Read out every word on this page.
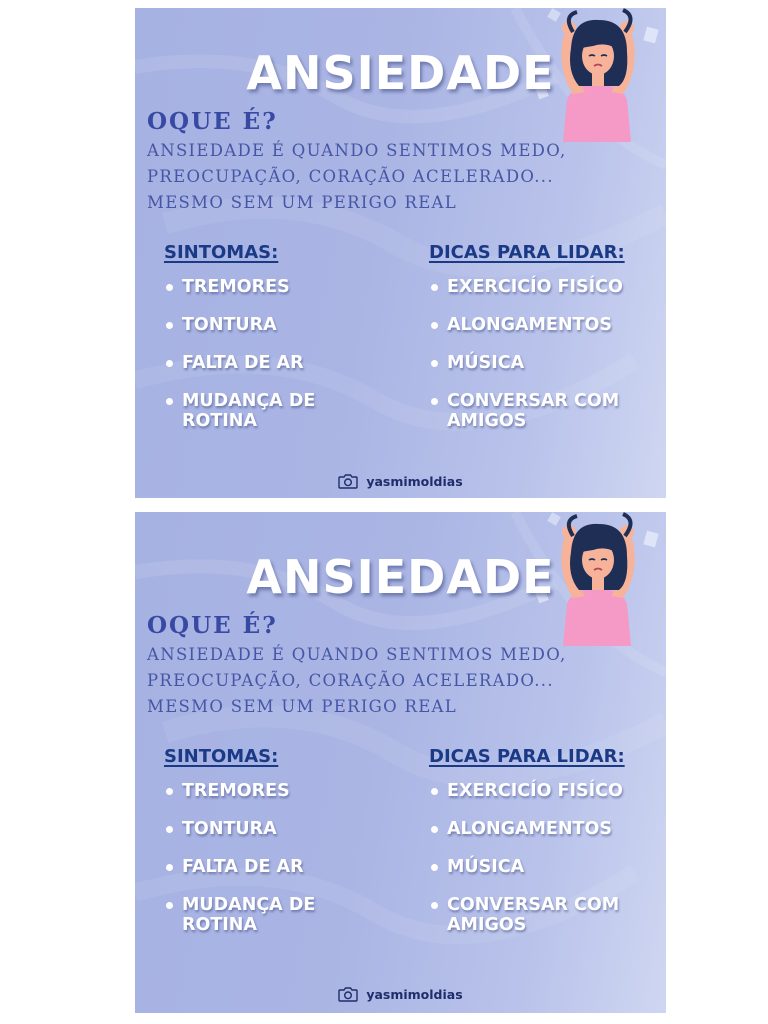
ANSIEDADE
OQUE É?

ANSIEDADE É QUANDO SENTIMOS MEDO,
PREOCUPAÇÃO, CORAÇÃO ACELERADO...
MESMO SEM UM PERIGO REAL

SINTOMAS:
TREMORES
TONTURA
FALTA DE AR
MUDANÇA DE
ROTINA
DICAS PARA LIDAR:
EXERCICÍO FISÍCO
ALONGAMENTOS
MÚSICA
CONVERSAR COM
AMIGOS
yasmimoldias
ANSIEDADE
OQUE É?

ANSIEDADE É QUANDO SENTIMOS MEDO,
PREOCUPAÇÃO, CORAÇÃO ACELERADO...
MESMO SEM UM PERIGO REAL

SINTOMAS:
TREMORES
TONTURA
FALTA DE AR
MUDANÇA DE
ROTINA
DICAS PARA LIDAR:
EXERCICÍO FISÍCO
ALONGAMENTOS
MÚSICA
CONVERSAR COM
AMIGOS
yasmimoldias
